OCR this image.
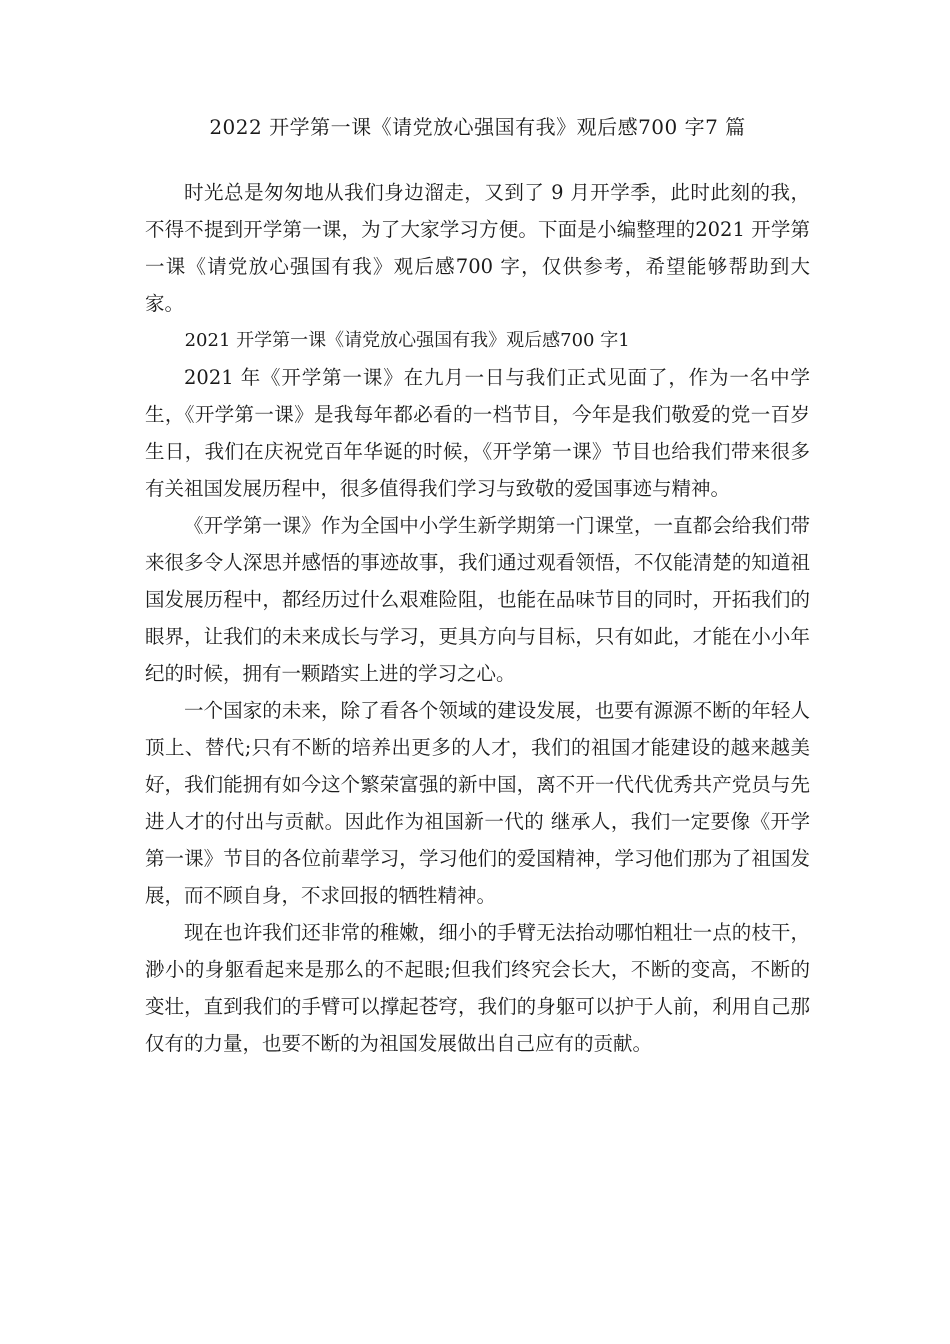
2022 开学第一课《请党放心强国有我》观后感700 字7 篇

时光总是匆匆地从我们身边溜走，又到了 9 月开学季，此时此刻的我，不得不提到开学第一课，为了大家学习方便。下面是小编整理的2021 开学第一课《请党放心强国有我》观后感700 字，仅供参考，希望能够帮助到大家。

2021 开学第一课《请党放心强国有我》观后感700 字1

2021 年《开学第一课》在九月一日与我们正式见面了，作为一名中学生，《开学第一课》是我每年都必看的一档节目，今年是我们敬爱的党一百岁生日，我们在庆祝党百年华诞的时候，《开学第一课》节目也给我们带来很多有关祖国发展历程中，很多值得我们学习与致敬的爱国事迹与精神。

《开学第一课》作为全国中小学生新学期第一门课堂，一直都会给我们带来很多令人深思并感悟的事迹故事，我们通过观看领悟，不仅能清楚的知道祖国发展历程中，都经历过什么艰难险阻，也能在品味节目的同时，开拓我们的眼界，让我们的未来成长与学习，更具方向与目标，只有如此，才能在小小年纪的时候，拥有一颗踏实上进的学习之心。

一个国家的未来，除了看各个领域的建设发展，也要有源源不断的年轻人顶上、替代;只有不断的培养出更多的人才，我们的祖国才能建设的越来越美好，我们能拥有如今这个繁荣富强的新中国，离不开一代代优秀共产党员与先进人才的付出与贡献。因此作为祖国新一代的 继承人，我们一定要像《开学第一课》节目的各位前辈学习，学习他们的爱国精神，学习他们那为了祖国发展，而不顾自身，不求回报的牺牲精神。

现在也许我们还非常的稚嫩，细小的手臂无法抬动哪怕粗壮一点的枝干，渺小的身躯看起来是那么的不起眼;但我们终究会长大，不断的变高，不断的变壮，直到我们的手臂可以撑起苍穹，我们的身躯可以护于人前，利用自己那仅有的力量，也要不断的为祖国发展做出自己应有的贡献。
